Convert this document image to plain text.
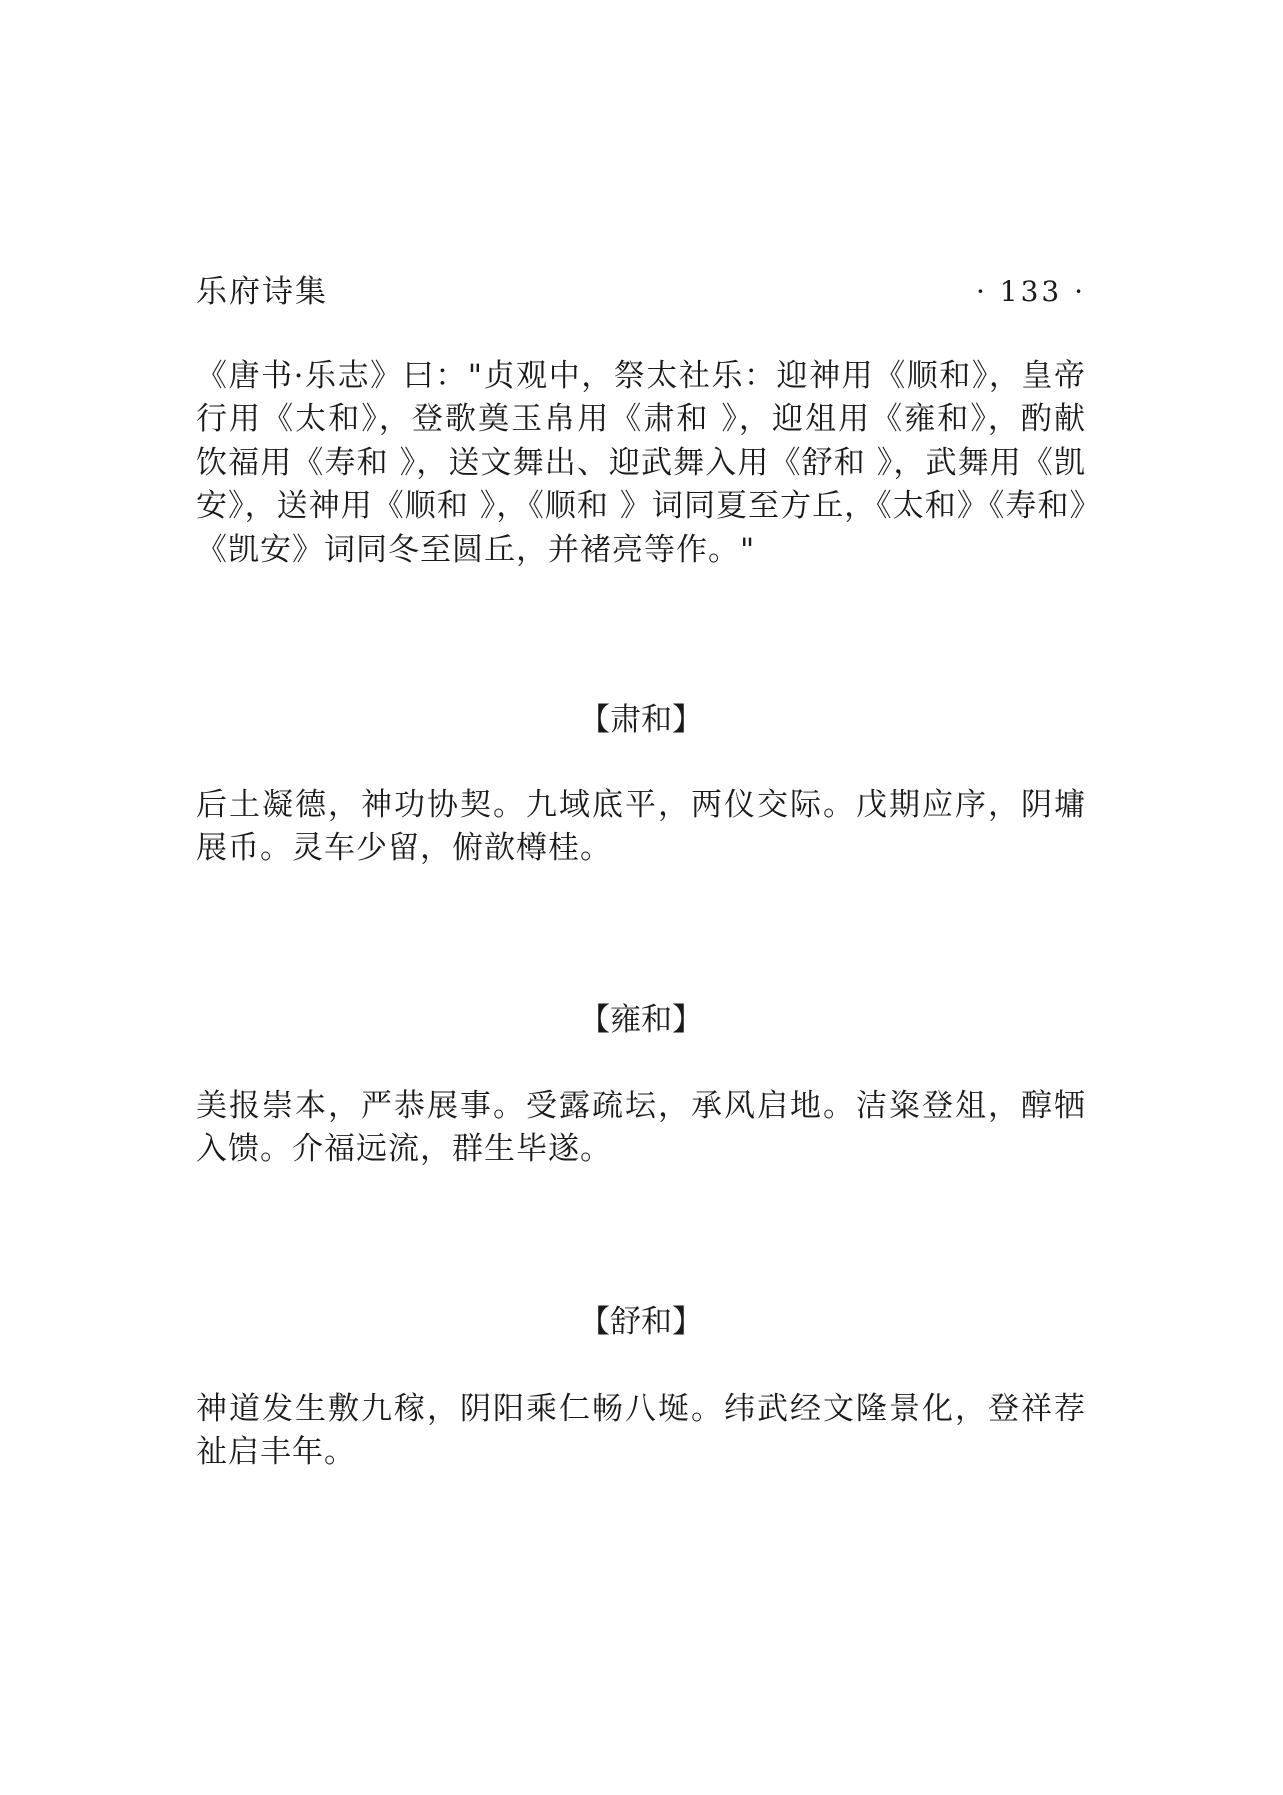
乐府诗集	· 133 ·

《唐书·乐志》曰："贞观中，祭太社乐：迎神用《顺和》，皇帝行用《太和》，登歌奠玉帛用《肃和 》，迎俎用《雍和》，酌献饮福用《寿和 》，送文舞出、迎武舞入用《舒和 》，武舞用《凯安》，送神用《顺和 》，《顺和 》词同夏至方丘，《太和》《寿和》《凯安》词同冬至圆丘，并褚亮等作。"

【肃和】

后土凝德，神功协契。九域底平，两仪交际。戊期应序，阴墉展币。灵车少留，俯歆樽桂。

【雍和】

美报崇本，严恭展事。受露疏坛，承风启地。洁粢登俎，醇牺入馈。介福远流，群生毕遂。

【舒和】

神道发生敷九稼，阴阳乘仁畅八埏。纬武经文隆景化，登祥荐祉启丰年。
